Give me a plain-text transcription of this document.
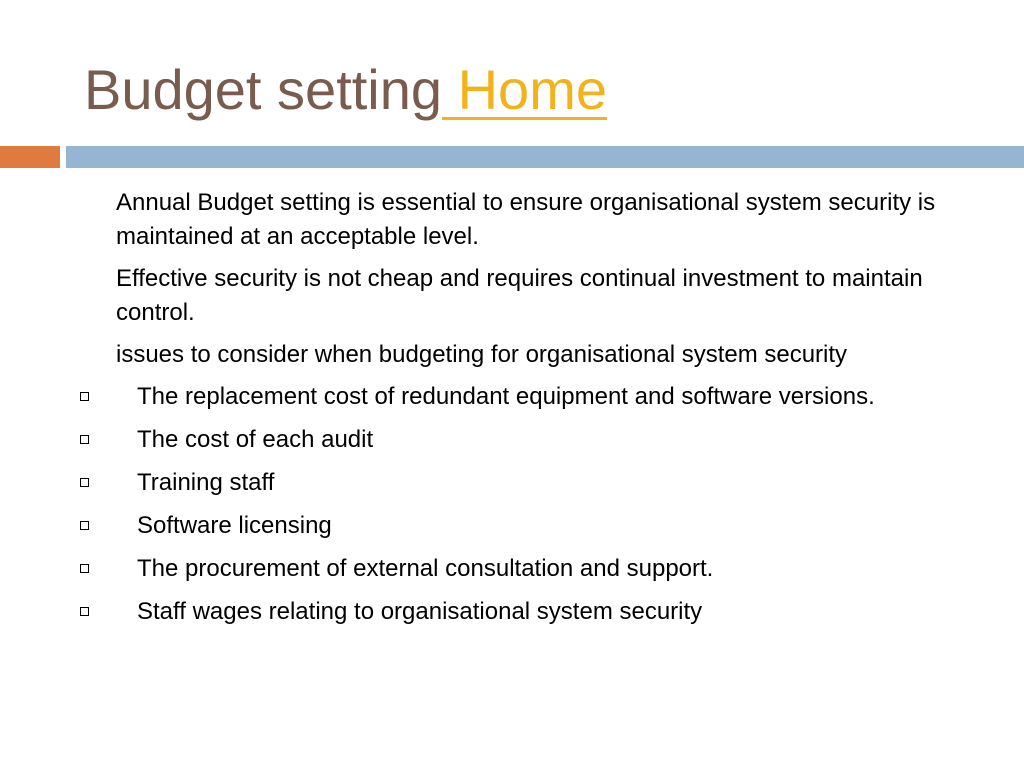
Budget setting Home
Annual Budget setting is essential to ensure organisational system security is maintained at an acceptable level.
Effective security is not cheap and requires continual investment to maintain control.
issues to consider when budgeting for organisational system security
The replacement cost of redundant equipment and software versions.
The cost of each audit
Training staff
Software licensing
The procurement of external consultation and support.
Staff wages relating to organisational system security
